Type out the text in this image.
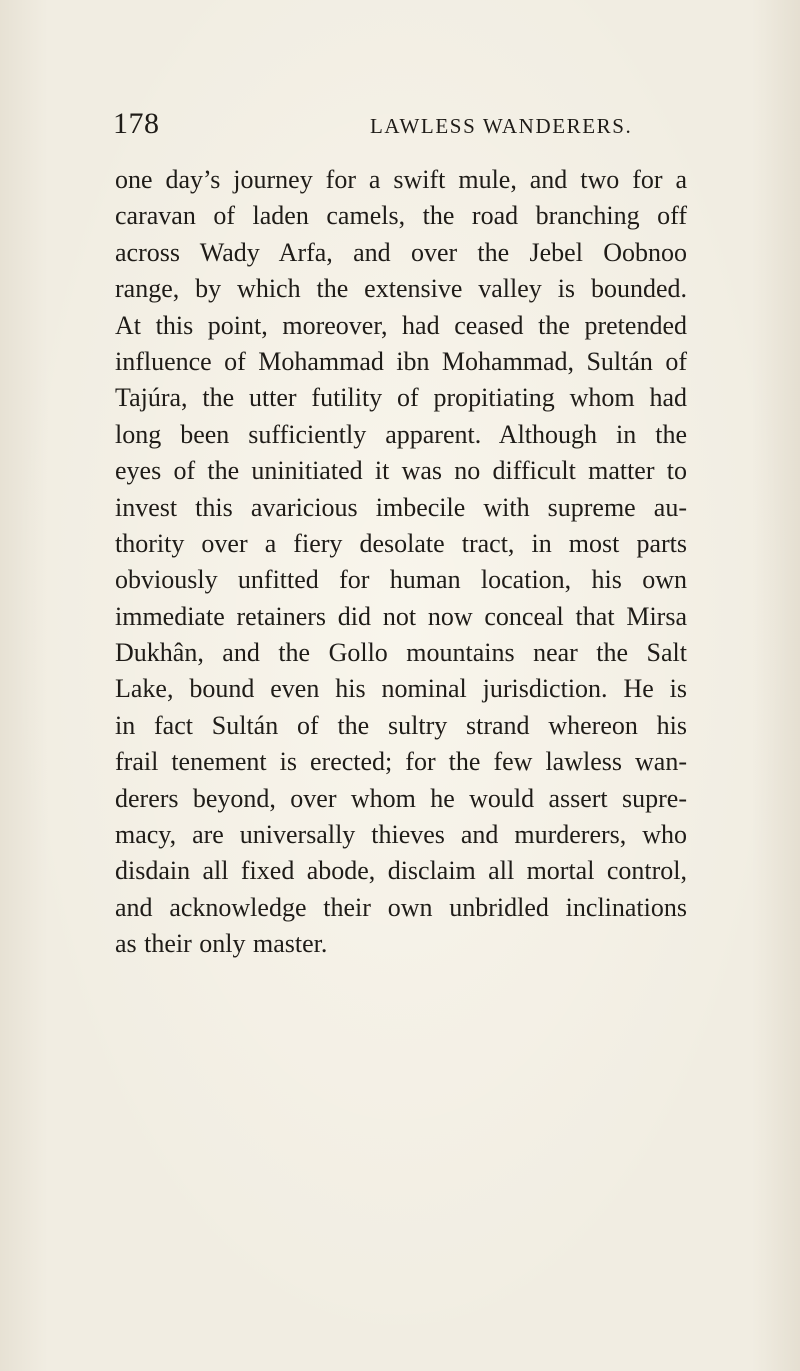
178	LAWLESS WANDERERS.
one day’s journey for a swift mule, and two for a
caravan of laden camels, the road branching off
across Wady Arfa, and over the Jebel Oobnoo
range, by which the extensive valley is bounded.
At this point, moreover, had ceased the pretended
influence of Mohammad ibn Mohammad, Sultán of
Tajúra, the utter futility of propitiating whom had
long been sufficiently apparent. Although in the
eyes of the uninitiated it was no difficult matter to
invest this avaricious imbecile with supreme au-
thority over a fiery desolate tract, in most parts
obviously unfitted for human location, his own
immediate retainers did not now conceal that Mirsa
Dukhân, and the Gollo mountains near the Salt
Lake, bound even his nominal jurisdiction. He is
in fact Sultán of the sultry strand whereon his
frail tenement is erected; for the few lawless wan-
derers beyond, over whom he would assert supre-
macy, are universally thieves and murderers, who
disdain all fixed abode, disclaim all mortal control,
and acknowledge their own unbridled inclinations
as their only master.
